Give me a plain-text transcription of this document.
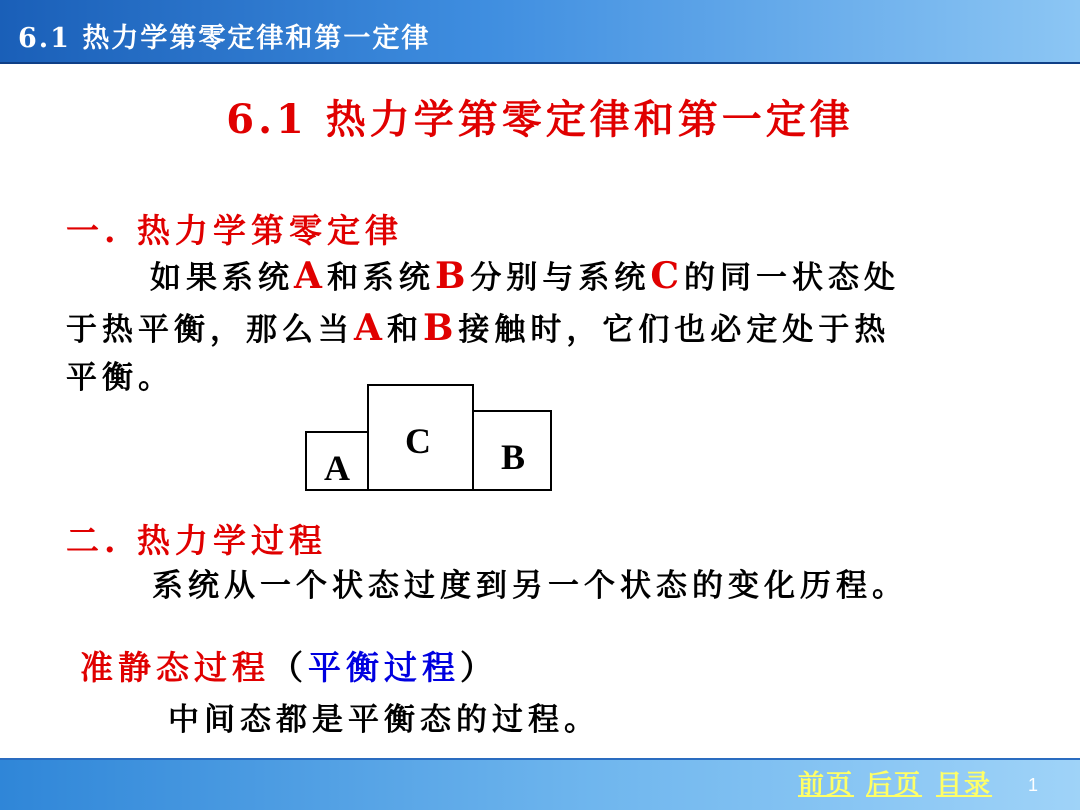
6.1 热力学第零定律和第一定律
6.1 热力学第零定律和第一定律
一. 热力学第零定律
如果系统A和系统B分别与系统C的同一状态处
于热平衡，那么当A和B接触时，它们也必定处于热
平衡。
A
C B
二. 热力学过程
系统从一个状态过度到另一个状态的变化历程。
准静态过程（平衡过程）
中间态都是平衡态的过程。
前页 后页 目录 1
